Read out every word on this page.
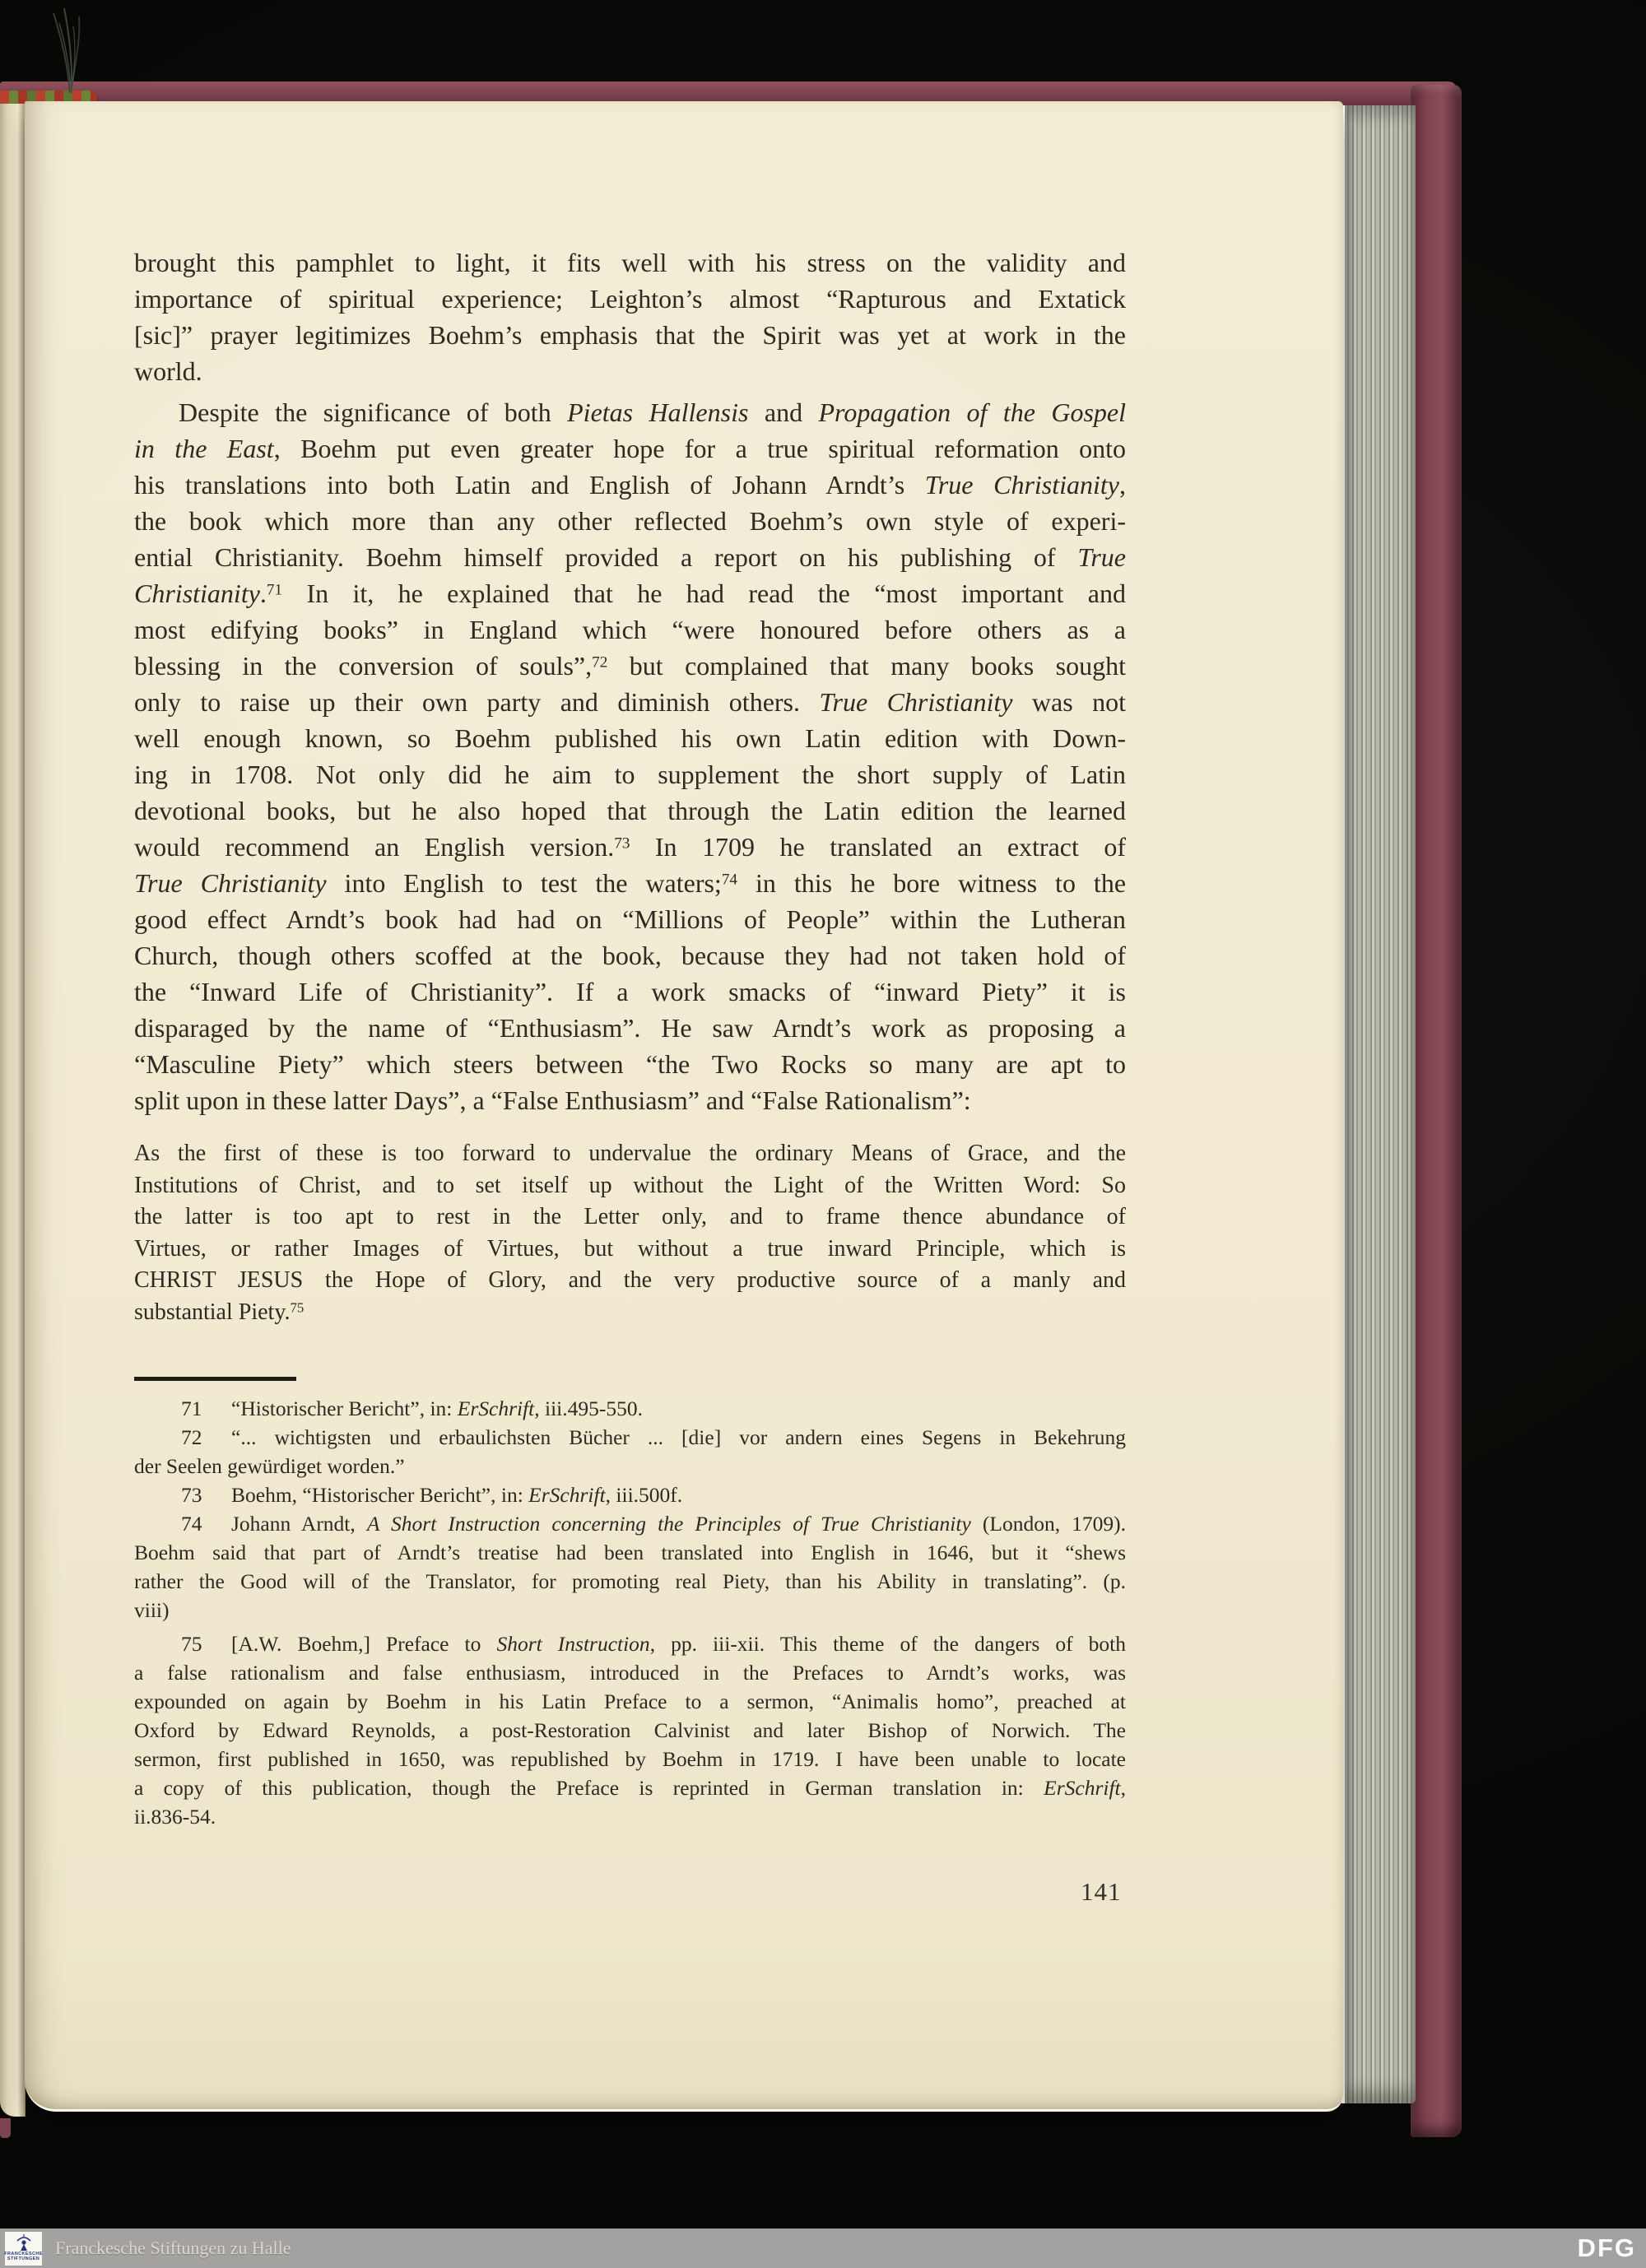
brought this pamphlet to light, it fits well with his stress on the validity and
importance of spiritual experience; Leighton’s almost “Rapturous and Extatick
[sic]” prayer legitimizes Boehm’s emphasis that the Spirit was yet at work in the
world.
Despite the significance of both Pietas Hallensis and Propagation of the Gospel
in the East, Boehm put even greater hope for a true spiritual reformation onto
his translations into both Latin and English of Johann Arndt’s True Christianity,
the book which more than any other reflected Boehm’s own style of experi-
ential Christianity. Boehm himself provided a report on his publishing of True
Christianity.$^{71}$ In it, he explained that he had read the “most important and
most edifying books” in England which “were honoured before others as a
blessing in the conversion of souls”,$^{72}$ but complained that many books sought
only to raise up their own party and diminish others. True Christianity was not
well enough known, so Boehm published his own Latin edition with Down-
ing in 1708. Not only did he aim to supplement the short supply of Latin
devotional books, but he also hoped that through the Latin edition the learned
would recommend an English version.$^{73}$ In 1709 he translated an extract of
True Christianity into English to test the waters;$^{74}$ in this he bore witness to the
good effect Arndt’s book had had on “Millions of People” within the Lutheran
Church, though others scoffed at the book, because they had not taken hold of
the “Inward Life of Christianity”. If a work smacks of “inward Piety” it is
disparaged by the name of “Enthusiasm”. He saw Arndt’s work as proposing a
“Masculine Piety” which steers between “the Two Rocks so many are apt to
split upon in these latter Days”, a “False Enthusiasm” and “False Rationalism”:
As the first of these is too forward to undervalue the ordinary Means of Grace, and the
Institutions of Christ, and to set itself up without the Light of the Written Word: So
the latter is too apt to rest in the Letter only, and to frame thence abundance of
Virtues, or rather Images of Virtues, but without a true inward Principle, which is
CHRIST JESUS the Hope of Glory, and the very productive source of a manly and
substantial Piety.$^{75}$
71 “Historischer Bericht”, in: ErSchrift, iii.495-550.
72 “... wichtigsten und erbaulichsten Bücher ... [die] vor andern eines Segens in Bekehrung
der Seelen gewürdiget worden.”
73 Boehm, “Historischer Bericht”, in: ErSchrift, iii.500f.
74 Johann Arndt, A Short Instruction concerning the Principles of True Christianity (London, 1709).
Boehm said that part of Arndt’s treatise had been translated into English in 1646, but it “shews
rather the Good will of the Translator, for promoting real Piety, than his Ability in translating”. (p.
viii)
75 [A.W. Boehm,] Preface to Short Instruction, pp. iii-xii. This theme of the dangers of both
a false rationalism and false enthusiasm, introduced in the Prefaces to Arndt’s works, was
expounded on again by Boehm in his Latin Preface to a sermon, “Animalis homo”, preached at
Oxford by Edward Reynolds, a post-Restoration Calvinist and later Bishop of Norwich. The
sermon, first published in 1650, was republished by Boehm in 1719. I have been unable to locate
a copy of this publication, though the Preface is reprinted in German translation in: ErSchrift,
ii.836-54.
141
FRANCKESCHE
STIFTUNGEN
Franckesche Stiftungen zu Halle	DFG
